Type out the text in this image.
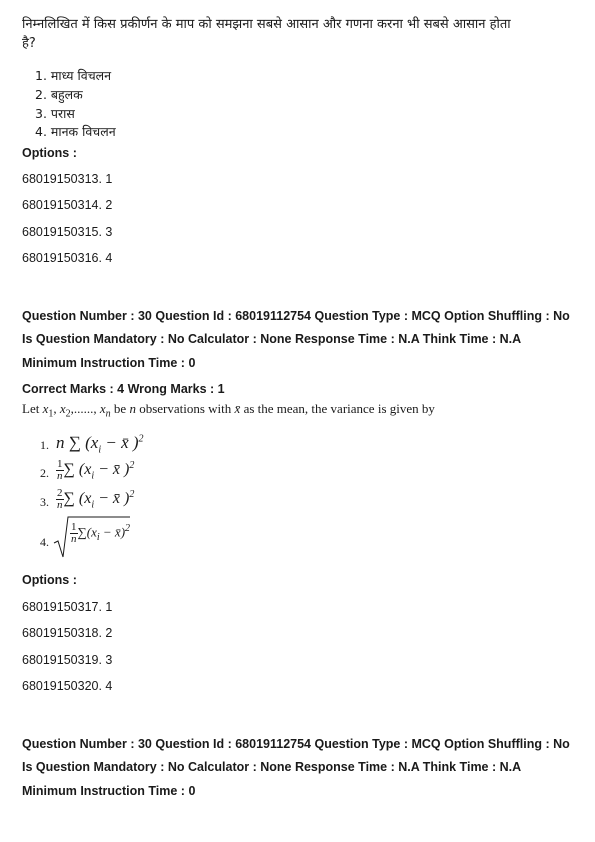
निम्नलिखित में किस प्रकीर्णन के माप को समझना सबसे आसान और गणना करना भी सबसे आसान होता
है?
1. माध्य विचलन
2. बहुलक
3. परास
4. मानक विचलन
Options :
68019150313. 1
68019150314. 2
68019150315. 3
68019150316. 4
Question Number : 30 Question Id : 68019112754 Question Type : MCQ Option Shuffling : No
Is Question Mandatory : No Calculator : None Response Time : N.A Think Time : N.A
Minimum Instruction Time : 0
Correct Marks : 4 Wrong Marks : 1
Let $x_1$, $x_2$,......, $x_n$ be n observations with x̄ as the mean, the variance is given by
1. n ∑ ($x_i$ − x̄ )$^2$
2. $\frac{1}{n}$ ∑ ($x_i$ − x̄ )$^2$
3. $\frac{2}{n}$ ∑ ($x_i$ − x̄ )$^2$
4. $\frac{1}{n} \sum(x_i$ − x̄)$^2$
Options :
68019150317. 1
68019150318. 2
68019150319. 3
68019150320. 4
Question Number : 30 Question Id : 68019112754 Question Type : MCQ Option Shuffling : No
Is Question Mandatory : No Calculator : None Response Time : N.A Think Time : N.A
Minimum Instruction Time : 0
